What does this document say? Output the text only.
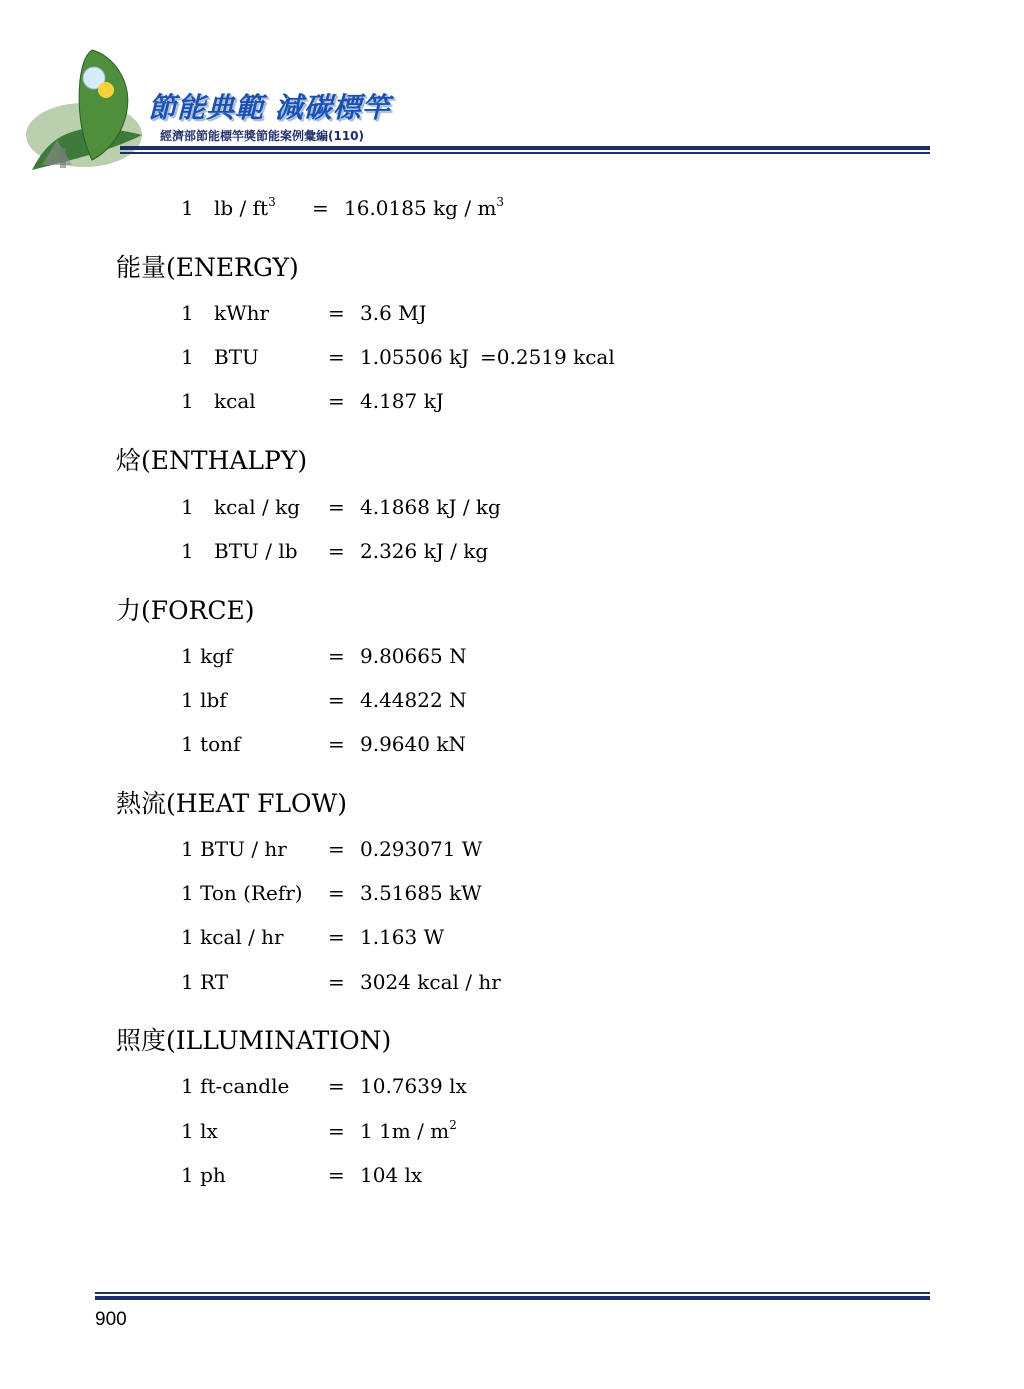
節能典範 減碳標竿
經濟部節能標竿獎節能案例彙編(110)
1 lb / $ft^3 = 16.0185$ kg / $m^3$
能量(ENERGY)
1 kWhr	= 3.6 MJ
1 BTU	= 1.05506 kJ =0.2519 kcal
1 kcal	= 4.187 kJ
焓(ENTHALPY)
1 kcal / kg = 4.1868 kJ / kg
1 BTU / lb = 2.326 kJ / kg
力(FORCE)
1 kgf	= 9.80665 N
1 lbf	= 4.44822 N
1 tonf	= 9.9640 kN
熱流(HEAT FLOW)
1 BTU / hr = 0.293071 W
1 Ton (Refr) = 3.51685 kW
1 kcal / hr = 1.163 W
1 RT	= 3024 kcal / hr
照度(ILLUMINATION)
1 ft-candle = 10.7639 lx
1 lx	= 1 $1m / m^2$
1 ph	= 104 lx
900
